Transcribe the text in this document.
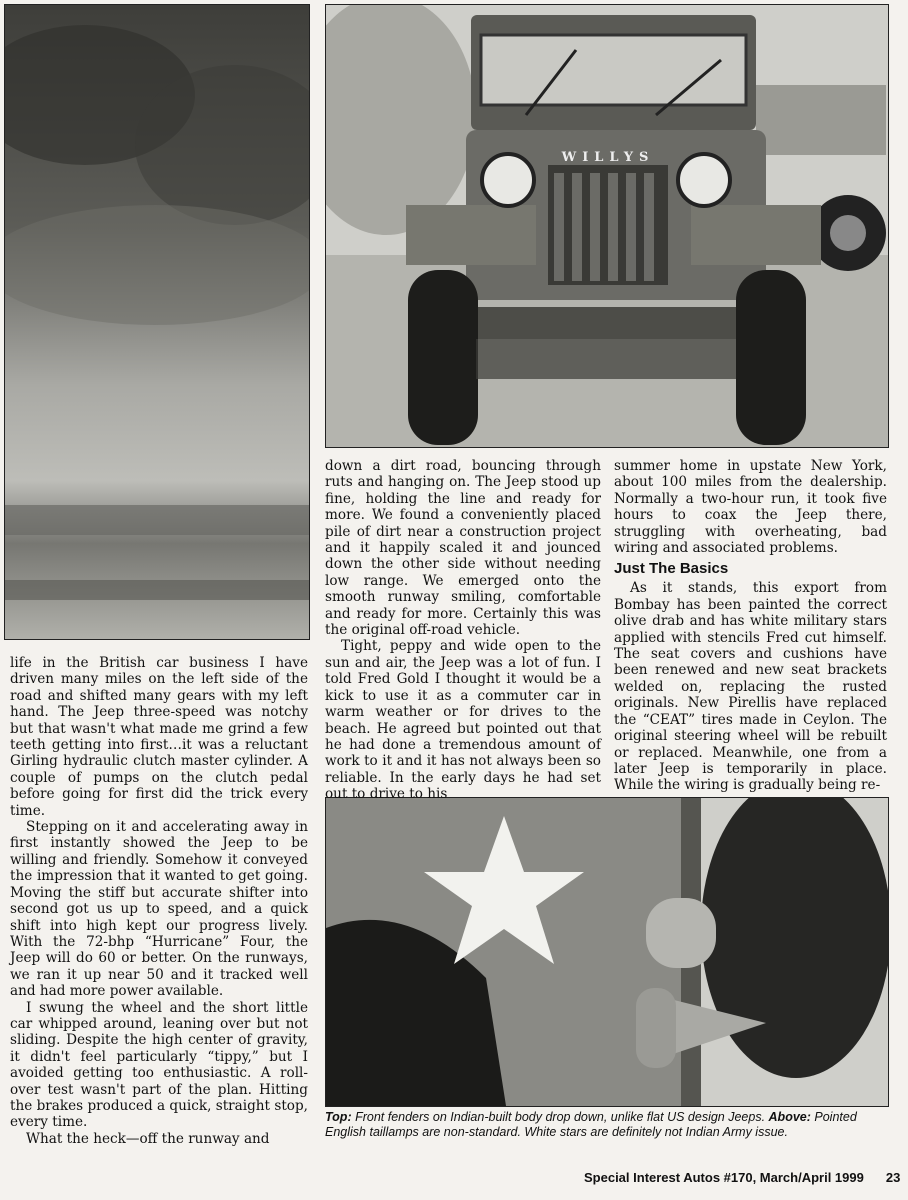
WILLYS

life in the British car business I have driven many miles on the left side of the road and shifted many gears with my left hand. The Jeep three-speed was notchy but that wasn't what made me grind a few teeth getting into first…it was a reluctant Girling hydraulic clutch master cylinder. A couple of pumps on the clutch pedal before going for first did the trick every time.

Stepping on it and accelerating away in first instantly showed the Jeep to be willing and friendly. Somehow it conveyed the impression that it wanted to get going. Moving the stiff but accurate shifter into second got us up to speed, and a quick shift into high kept our progress lively. With the 72-bhp “Hurricane” Four, the Jeep will do 60 or better. On the runways, we ran it up near 50 and it tracked well and had more power available.

I swung the wheel and the short little car whipped around, leaning over but not sliding. Despite the high center of gravity, it didn't feel particularly “tippy,” but I avoided getting too enthusiastic. A roll-over test wasn't part of the plan. Hitting the brakes produced a quick, straight stop, every time.

What the heck—off the runway and

down a dirt road, bouncing through ruts and hanging on. The Jeep stood up fine, holding the line and ready for more. We found a conveniently placed pile of dirt near a construction project and it happily scaled it and jounced down the other side without needing low range. We emerged onto the smooth runway smiling, comfortable and ready for more. Certainly this was the original off-road vehicle.

Tight, peppy and wide open to the sun and air, the Jeep was a lot of fun. I told Fred Gold I thought it would be a kick to use it as a commuter car in warm weather or for drives to the beach. He agreed but pointed out that he had done a tremendous amount of work to it and it has not always been so reliable. In the early days he had set out to drive to his

summer home in upstate New York, about 100 miles from the dealership. Normally a two-hour run, it took five hours to coax the Jeep there, struggling with overheating, bad wiring and associated problems.

Just The Basics

As it stands, this export from Bombay has been painted the correct olive drab and has white military stars applied with stencils Fred cut himself. The seat covers and cushions have been renewed and new seat brackets welded on, replacing the rusted originals. New Pirellis have replaced the “CEAT” tires made in Ceylon. The original steering wheel will be rebuilt or replaced. Meanwhile, one from a later Jeep is temporarily in place. While the wiring is gradually being re-

Top: Front fenders on Indian-built body drop down, unlike flat US design Jeeps. Above: Pointed English taillamps are non-standard. White stars are definitely not Indian Army issue.
Special Interest Autos #170, March/April 1999 23
